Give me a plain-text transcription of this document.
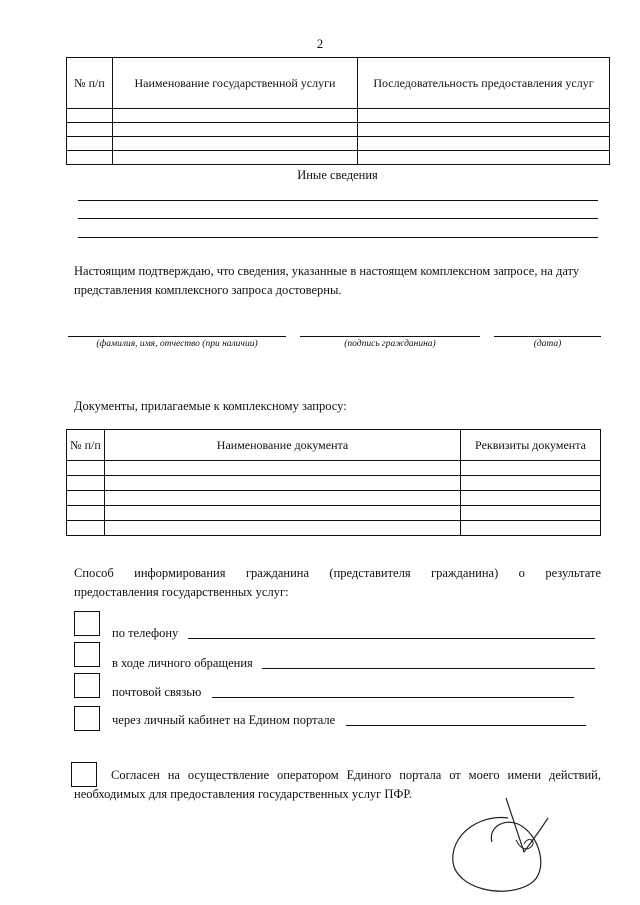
2
№ п/п	Наименование государственной услуги	Последовательность предоставления услуг

Иные сведения
Настоящим подтверждаю, что сведения, указанные в настоящем комплексном запросе, на дату
представления комплексного запроса достоверны.
(фамилия, имя, отчество (при наличии)	(подпись гражданина)	(дата)
Документы, прилагаемые к комплексному запросу:
№ п/п	Наименование документа	Реквизиты документа

Способ информирования гражданина (представителя гражданина) о результате
предоставления государственных услуг:
по телефону
в ходе личного обращения
почтовой связью
через личный кабинет на Едином портале
Согласен на осуществление оператором Единого портала от моего имени действий,
необходимых для предоставления государственных услуг ПФР.
